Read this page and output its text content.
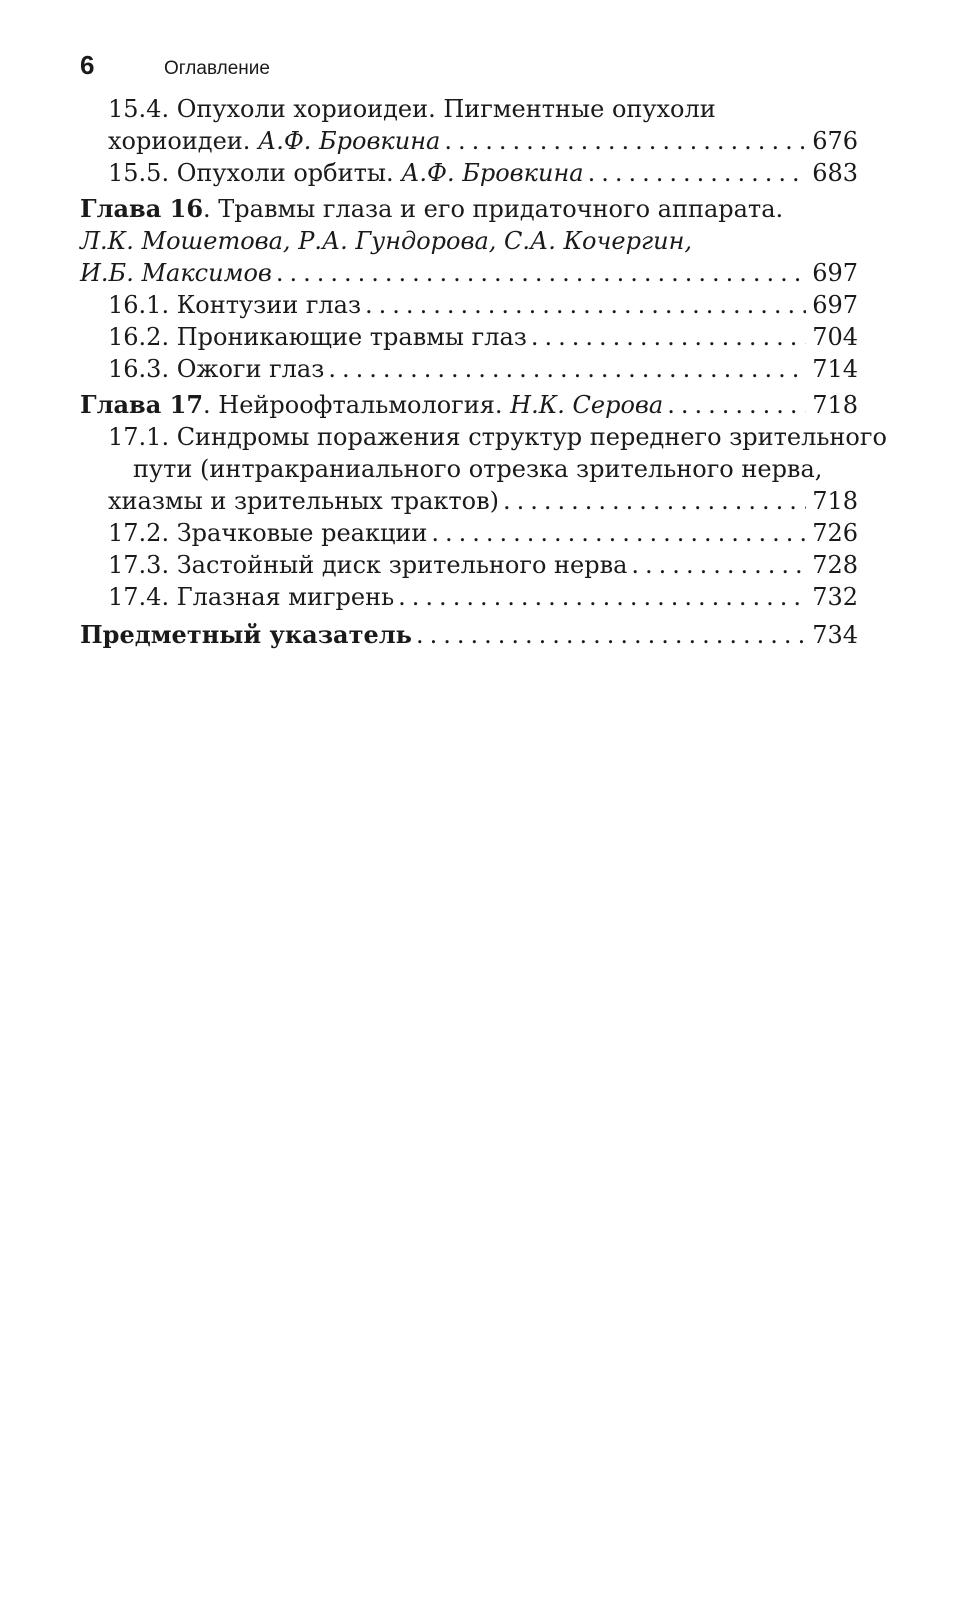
6	Оглавление
15.4. Опухоли хориоидеи. Пигментные опухоли
хориоидеи. А.Ф. Бровкина .....	676
15.5. Опухоли орбиты. А.Ф. Бровкина .....	683
Глава 16. Травмы глаза и его придаточного аппарата.
Л.К. Мошетова, Р.А. Гундорова, С.А. Кочергин,
И.Б. Максимов .....	697
16.1. Контузии глаз .....	697
16.2. Проникающие травмы глаз .....	704
16.3. Ожоги глаз .....	714
Глава 17. Нейроофтальмология. Н.К. Серова .....	718
17.1. Синдромы поражения структур переднего зрительного
пути (интракраниального отрезка зрительного нерва,
хиазмы и зрительных трактов) .....	718
17.2. Зрачковые реакции .....	726
17.3. Застойный диск зрительного нерва .....	728
17.4. Глазная мигрень .....	732
Предметный указатель .....	734
